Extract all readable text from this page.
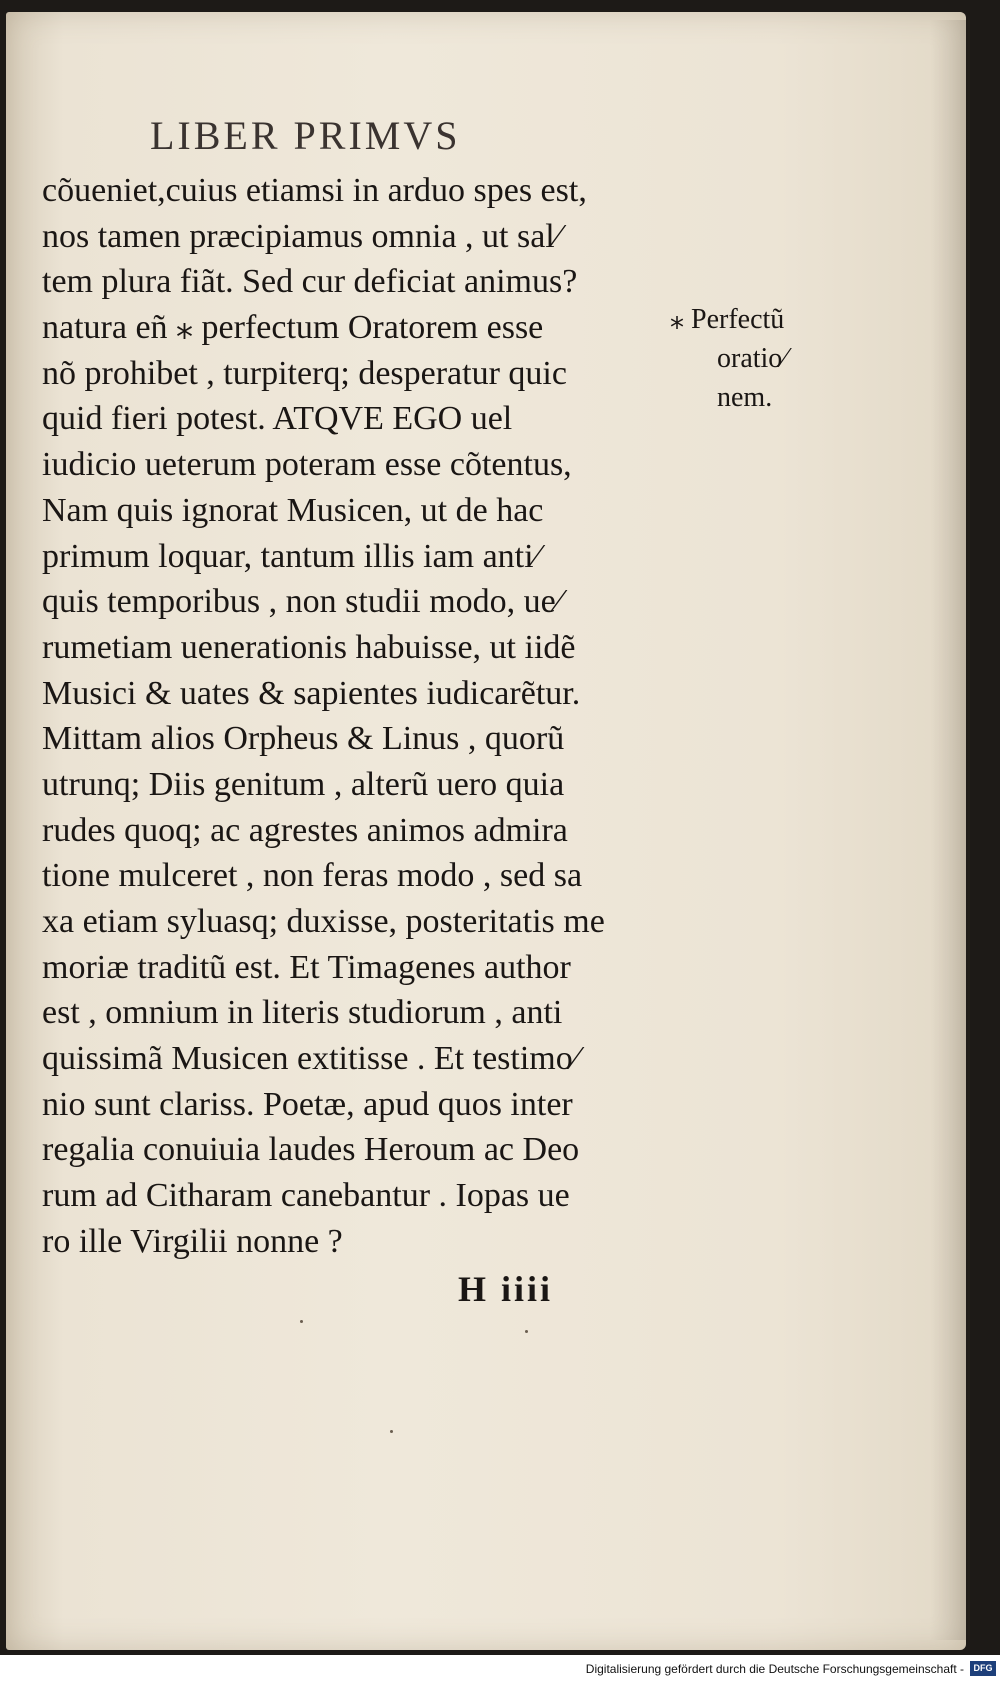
LIBER PRIMVS
cõueniet,cuius etiamsi in arduo spes est,
nos tamen præcipiamus omnia , ut sal⁄
tem plura fiãt. Sed cur deficiat animus?
natura eñ ⁎ perfectum Oratorem esse
nõ prohibet , turpiterq; desperatur quic
quid fieri potest. ATQVE EGO uel
iudicio ueterum poteram esse cõtentus,
Nam quis ignorat Musicen, ut de hac
primum loquar, tantum illis iam anti⁄
quis temporibus , non studii modo, ue⁄
rumetiam uenerationis habuisse, ut iidẽ
Musici & uates & sapientes iudicarẽtur.
Mittam alios Orpheus & Linus , quorũ
utrunq; Diis genitum , alterũ uero quia
rudes quoq; ac agrestes animos admira
tione mulceret , non feras modo , sed sa
xa etiam syluasq; duxisse, posteritatis me
moriæ traditũ est. Et Timagenes author
est , omnium in literis studiorum , anti
quissimã Musicen extitisse . Et testimo⁄
nio sunt clariss. Poetæ, apud quos inter
regalia conuiuia laudes Heroum ac Deo
rum ad Citharam canebantur . Iopas ue
ro ille Virgilii nonne ?
⁎ Perfectũ
oratio⁄
nem.
H iiii
Digitalisierung gefördert durch die Deutsche Forschungsgemeinschaft -	DFG
